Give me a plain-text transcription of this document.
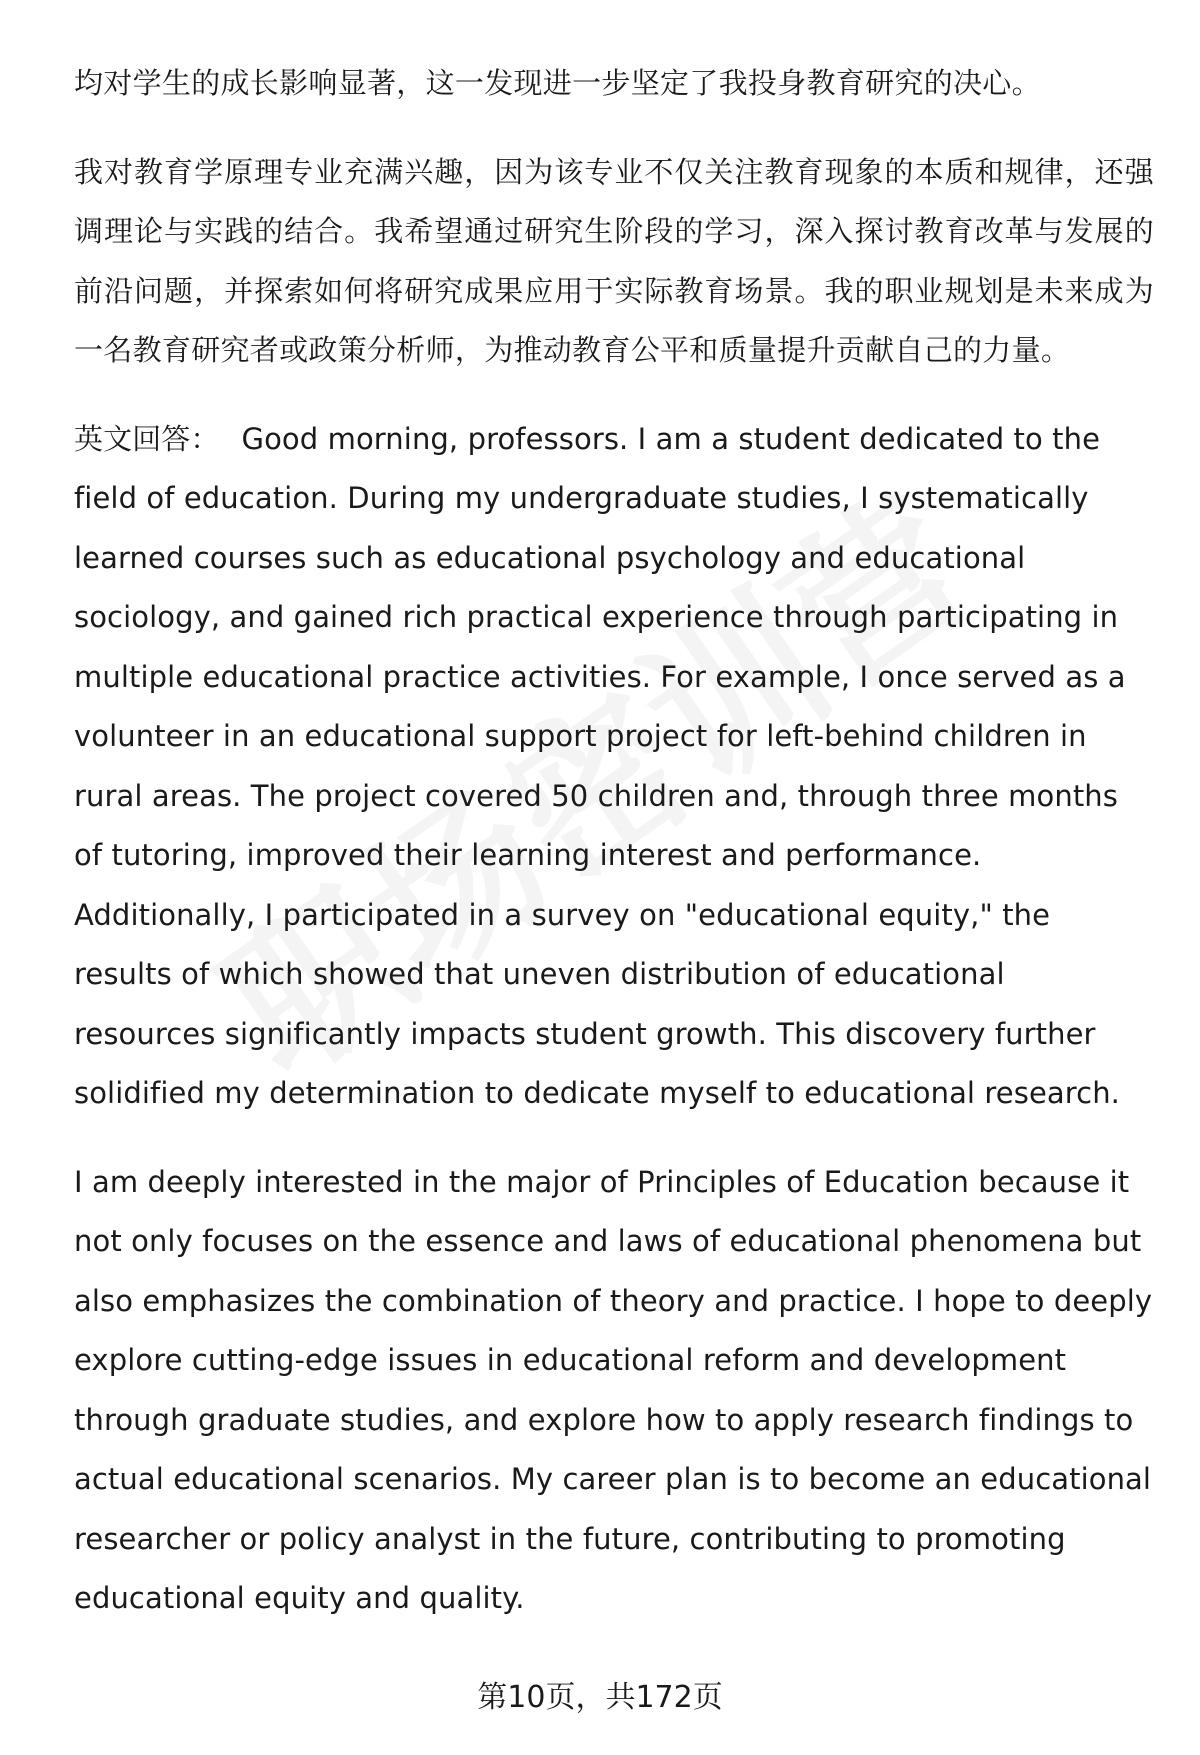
均对学生的成长影响显著，这一发现进一步坚定了我投身教育研究的决心。

我对教育学原理专业充满兴趣，因为该专业不仅关注教育现象的本质和规律，还强调理论与实践的结合。我希望通过研究生阶段的学习，深入探讨教育改革与发展的前沿问题，并探索如何将研究成果应用于实际教育场景。我的职业规划是未来成为一名教育研究者或政策分析师，为推动教育公平和质量提升贡献自己的力量。

英文回答： Good morning, professors. I am a student dedicated to the field of education. During my undergraduate studies, I systematically learned courses such as educational psychology and educational sociology, and gained rich practical experience through participating in multiple educational practice activities. For example, I once served as a volunteer in an educational support project for left-behind children in rural areas. The project covered 50 children and, through three months of tutoring, improved their learning interest and performance. Additionally, I participated in a survey on "educational equity," the results of which showed that uneven distribution of educational resources significantly impacts student growth. This discovery further solidified my determination to dedicate myself to educational research.

I am deeply interested in the major of Principles of Education because it not only focuses on the essence and laws of educational phenomena but also emphasizes the combination of theory and practice. I hope to deeply explore cutting-edge issues in educational reform and development through graduate studies, and explore how to apply research findings to actual educational scenarios. My career plan is to become an educational researcher or policy analyst in the future, contributing to promoting educational equity and quality.

第10页，共172页
